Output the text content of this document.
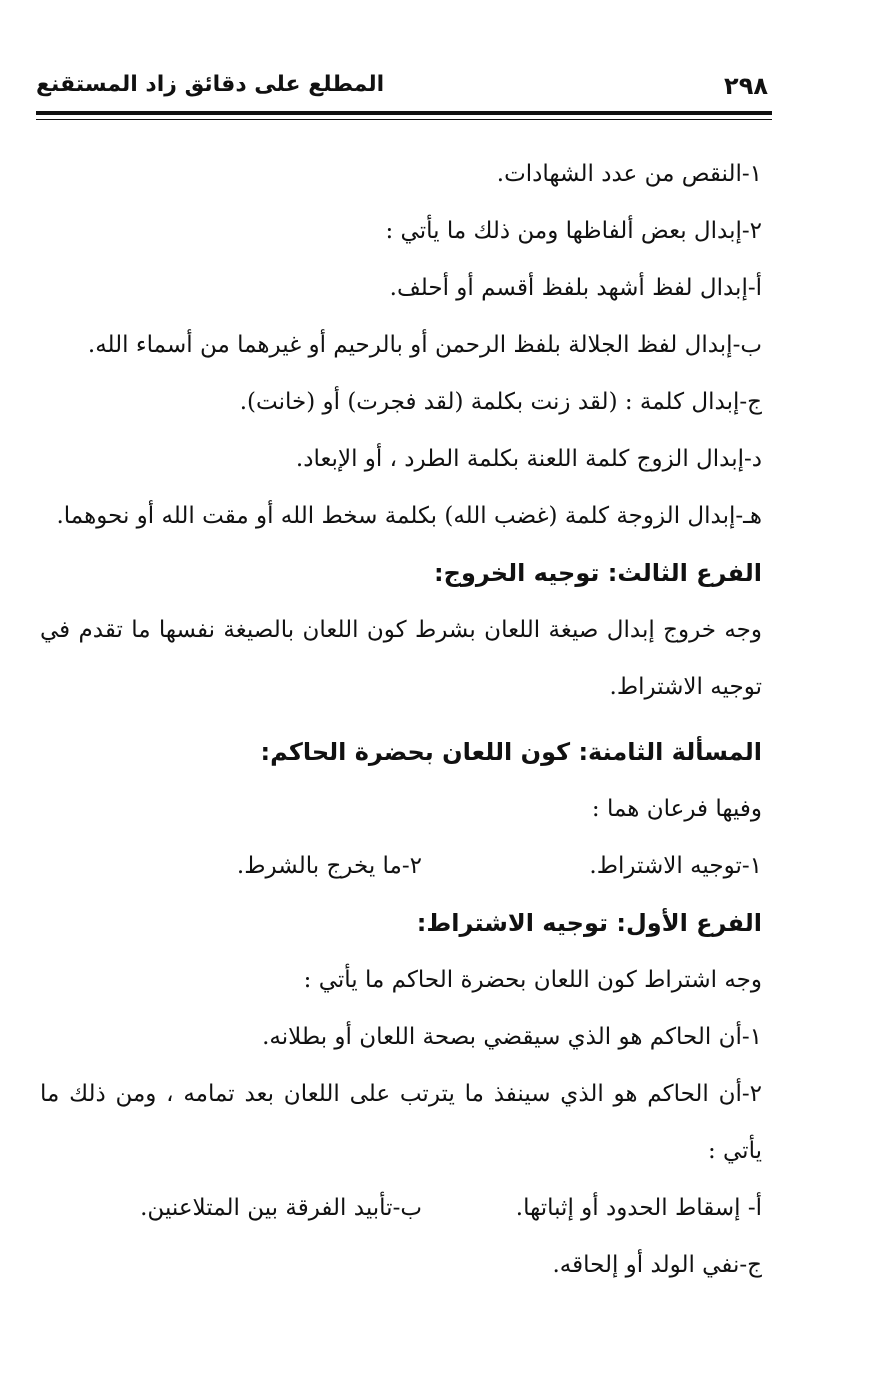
٢٩٨
المطلع على دقائق زاد المستقنع
١-النقص من عدد الشهادات.
٢-إبدال بعض ألفاظها ومن ذلك ما يأتي :
أ-إبدال لفظ أشهد بلفظ أقسم أو أحلف.
ب-إبدال لفظ الجلالة بلفظ الرحمن أو بالرحيم أو غيرهما من أسماء الله.
ج-إبدال كلمة : (لقد زنت بكلمة (لقد فجرت) أو (خانت).
د-إبدال الزوج كلمة اللعنة بكلمة الطرد ، أو الإبعاد.
هـ-إبدال الزوجة كلمة (غضب الله) بكلمة سخط الله أو مقت الله أو نحوهما.
الفرع الثالث: توجيه الخروج:
وجه خروج إبدال صيغة اللعان بشرط كون اللعان بالصيغة نفسها ما تقدم في
توجيه الاشتراط.
المسألة الثامنة: كون اللعان بحضرة الحاكم:
وفيها فرعان هما :
١-توجيه الاشتراط.
٢-ما يخرج بالشرط.
الفرع الأول: توجيه الاشتراط:
وجه اشتراط كون اللعان بحضرة الحاكم ما يأتي :
١-أن الحاكم هو الذي سيقضي بصحة اللعان أو بطلانه.
٢-أن الحاكم هو الذي سينفذ ما يترتب على اللعان بعد تمامه ، ومن ذلك ما
يأتي :
أ- إسقاط الحدود أو إثباتها.
ب-تأبيد الفرقة بين المتلاعنين.
ج-نفي الولد أو إلحاقه.
